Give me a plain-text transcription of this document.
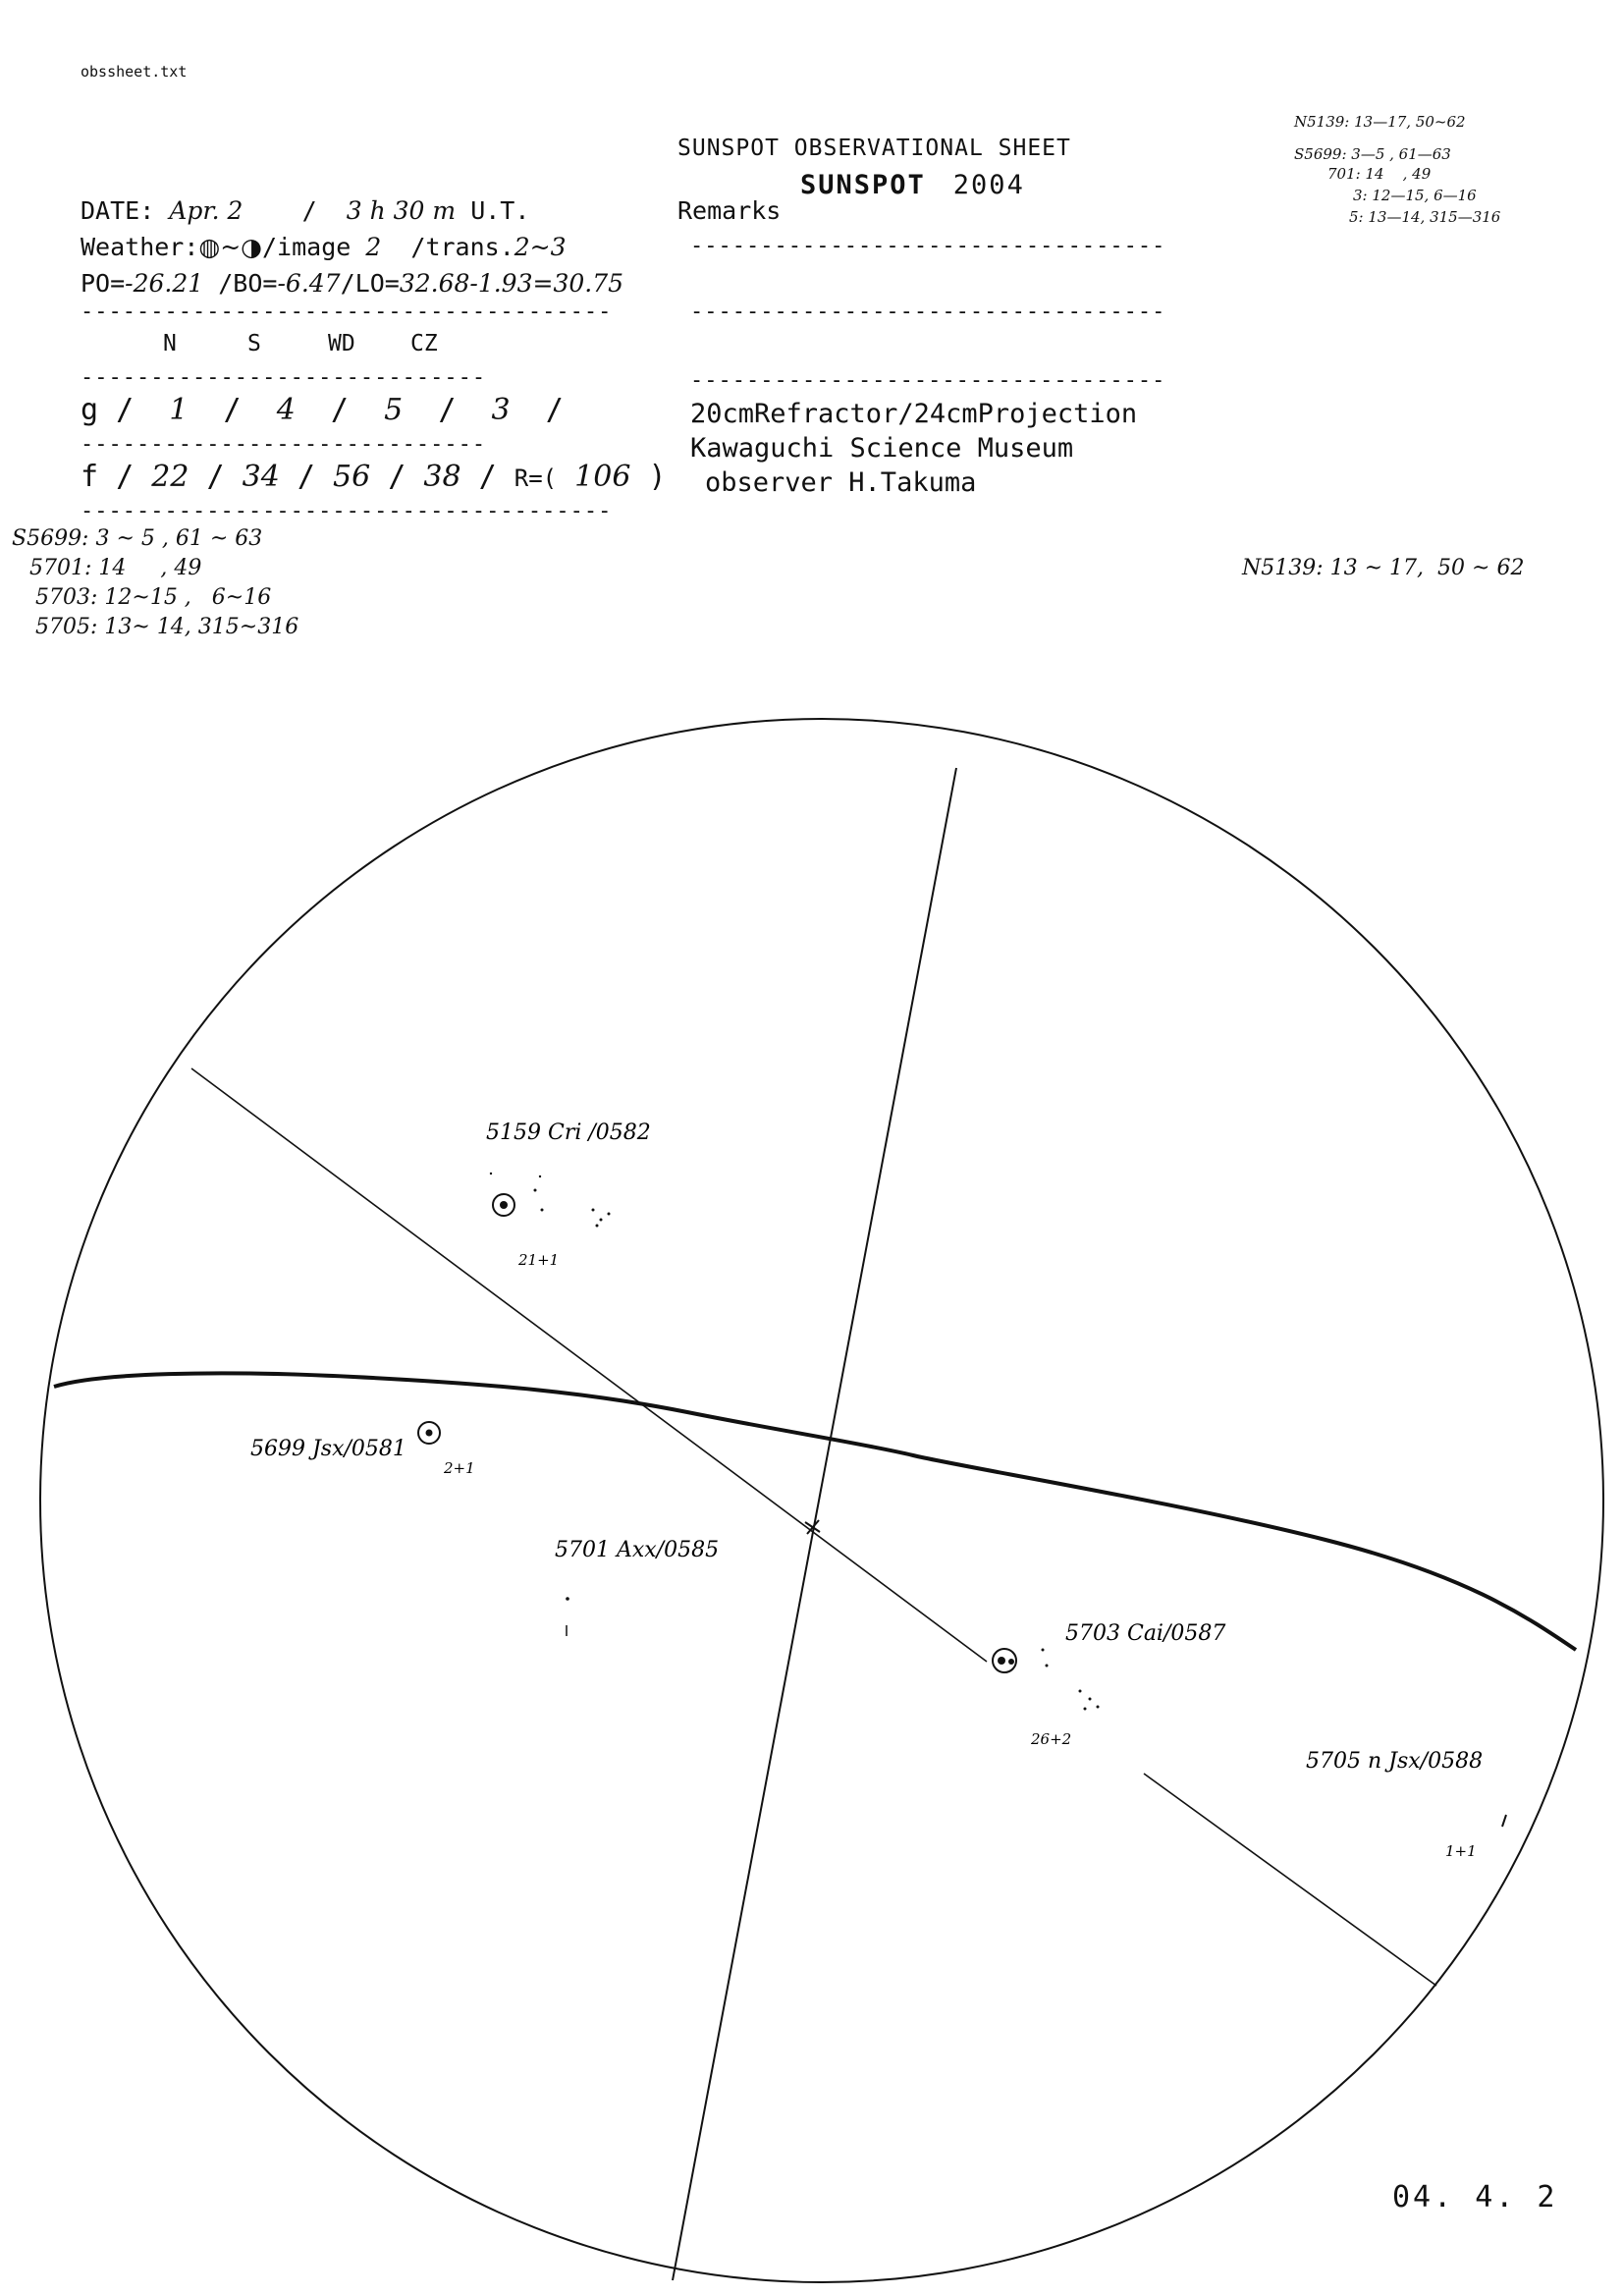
obssheet.txt
SUNSPOT OBSERVATIONAL SHEET
SUNSPOT 2004
DATE: Apr. 2    /  3 h 30 m U.T.
Weather:◍~◑/image 2 /trans.2~3
PO=-26.21 /BO=-6.47/LO=32.68-1.93=30.75
--------------------------------------
N	S	WD CZ
-----------------------------
g /  1  /  4  /  5  /  3  /
-----------------------------
f / 22 / 34 / 56 / 38 / R=( 106 )
--------------------------------------
Remarks
----------------------------------
----------------------------------
----------------------------------
20cmRefractor/24cmProjection
Kawaguchi Science Museum
observer H.Takuma
S5699: 3 ~ 5 , 61 ~ 63
5701: 14     , 49
5703: 12~15 ,   6~16
5705: 13~ 14, 315~316
N5139: 13 ~ 17,  50 ~ 62
N5139: 13—17, 50~62
S5699: 3—5 , 61—63
701: 14    , 49
3: 12—15, 6—16
5: 13—14, 315—316
5159 Cri /0582
21+1
5699 Jsx/0581
2+1
5701 Axx/0585
5703 Cai/0587
26+2
5705 n Jsx/0588
1+1
04. 4. 2
